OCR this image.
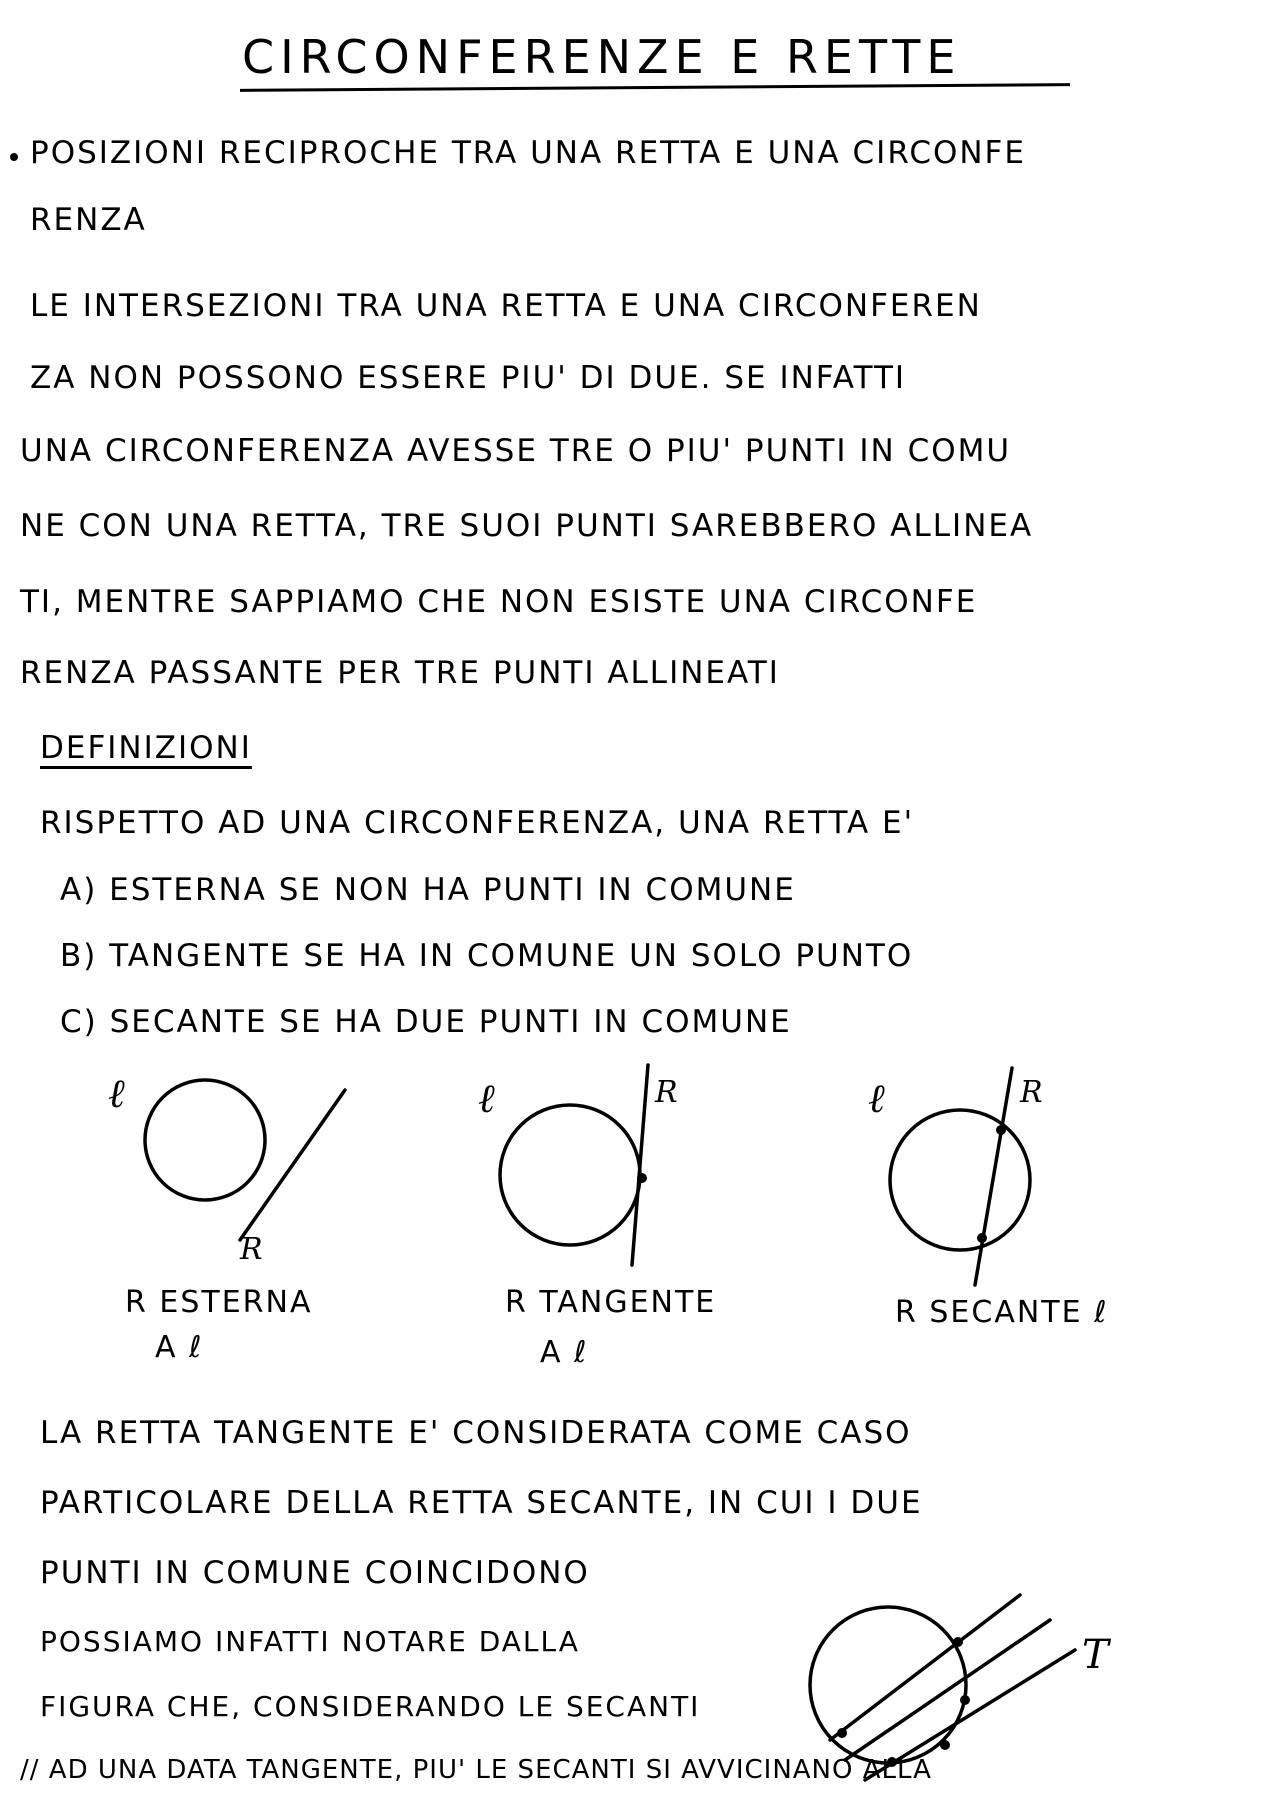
CIRCONFERENZE E RETTE
POSIZIONI RECIPROCHE TRA UNA RETTA E UNA CIRCONFE
RENZA
LE INTERSEZIONI TRA UNA RETTA E UNA CIRCONFEREN
ZA NON POSSONO ESSERE PIU' DI DUE. SE INFATTI
UNA CIRCONFERENZA AVESSE TRE O PIU' PUNTI IN COMU
NE CON UNA RETTA, TRE SUOI PUNTI SAREBBERO ALLINEA
TI, MENTRE SAPPIAMO CHE NON ESISTE UNA CIRCONFE
RENZA PASSANTE PER TRE PUNTI ALLINEATI
DEFINIZIONI
RISPETTO AD UNA CIRCONFERENZA, UNA RETTA E'
A) ESTERNA SE NON HA PUNTI IN COMUNE
B) TANGENTE SE HA IN COMUNE UN SOLO PUNTO
C) SECANTE SE HA DUE PUNTI IN COMUNE
ℓ
R
ℓ	R	ℓ	R
R ESTERNA
A ℓ
R TANGENTE
A ℓ
R SECANTE ℓ
LA RETTA TANGENTE E' CONSIDERATA COME CASO
PARTICOLARE DELLA RETTA SECANTE, IN CUI I DUE
PUNTI IN COMUNE COINCIDONO
POSSIAMO INFATTI NOTARE DALLA
FIGURA CHE, CONSIDERANDO LE SECANTI
// AD UNA DATA TANGENTE, PIU' LE SECANTI SI AVVICINANO ALLA
T
